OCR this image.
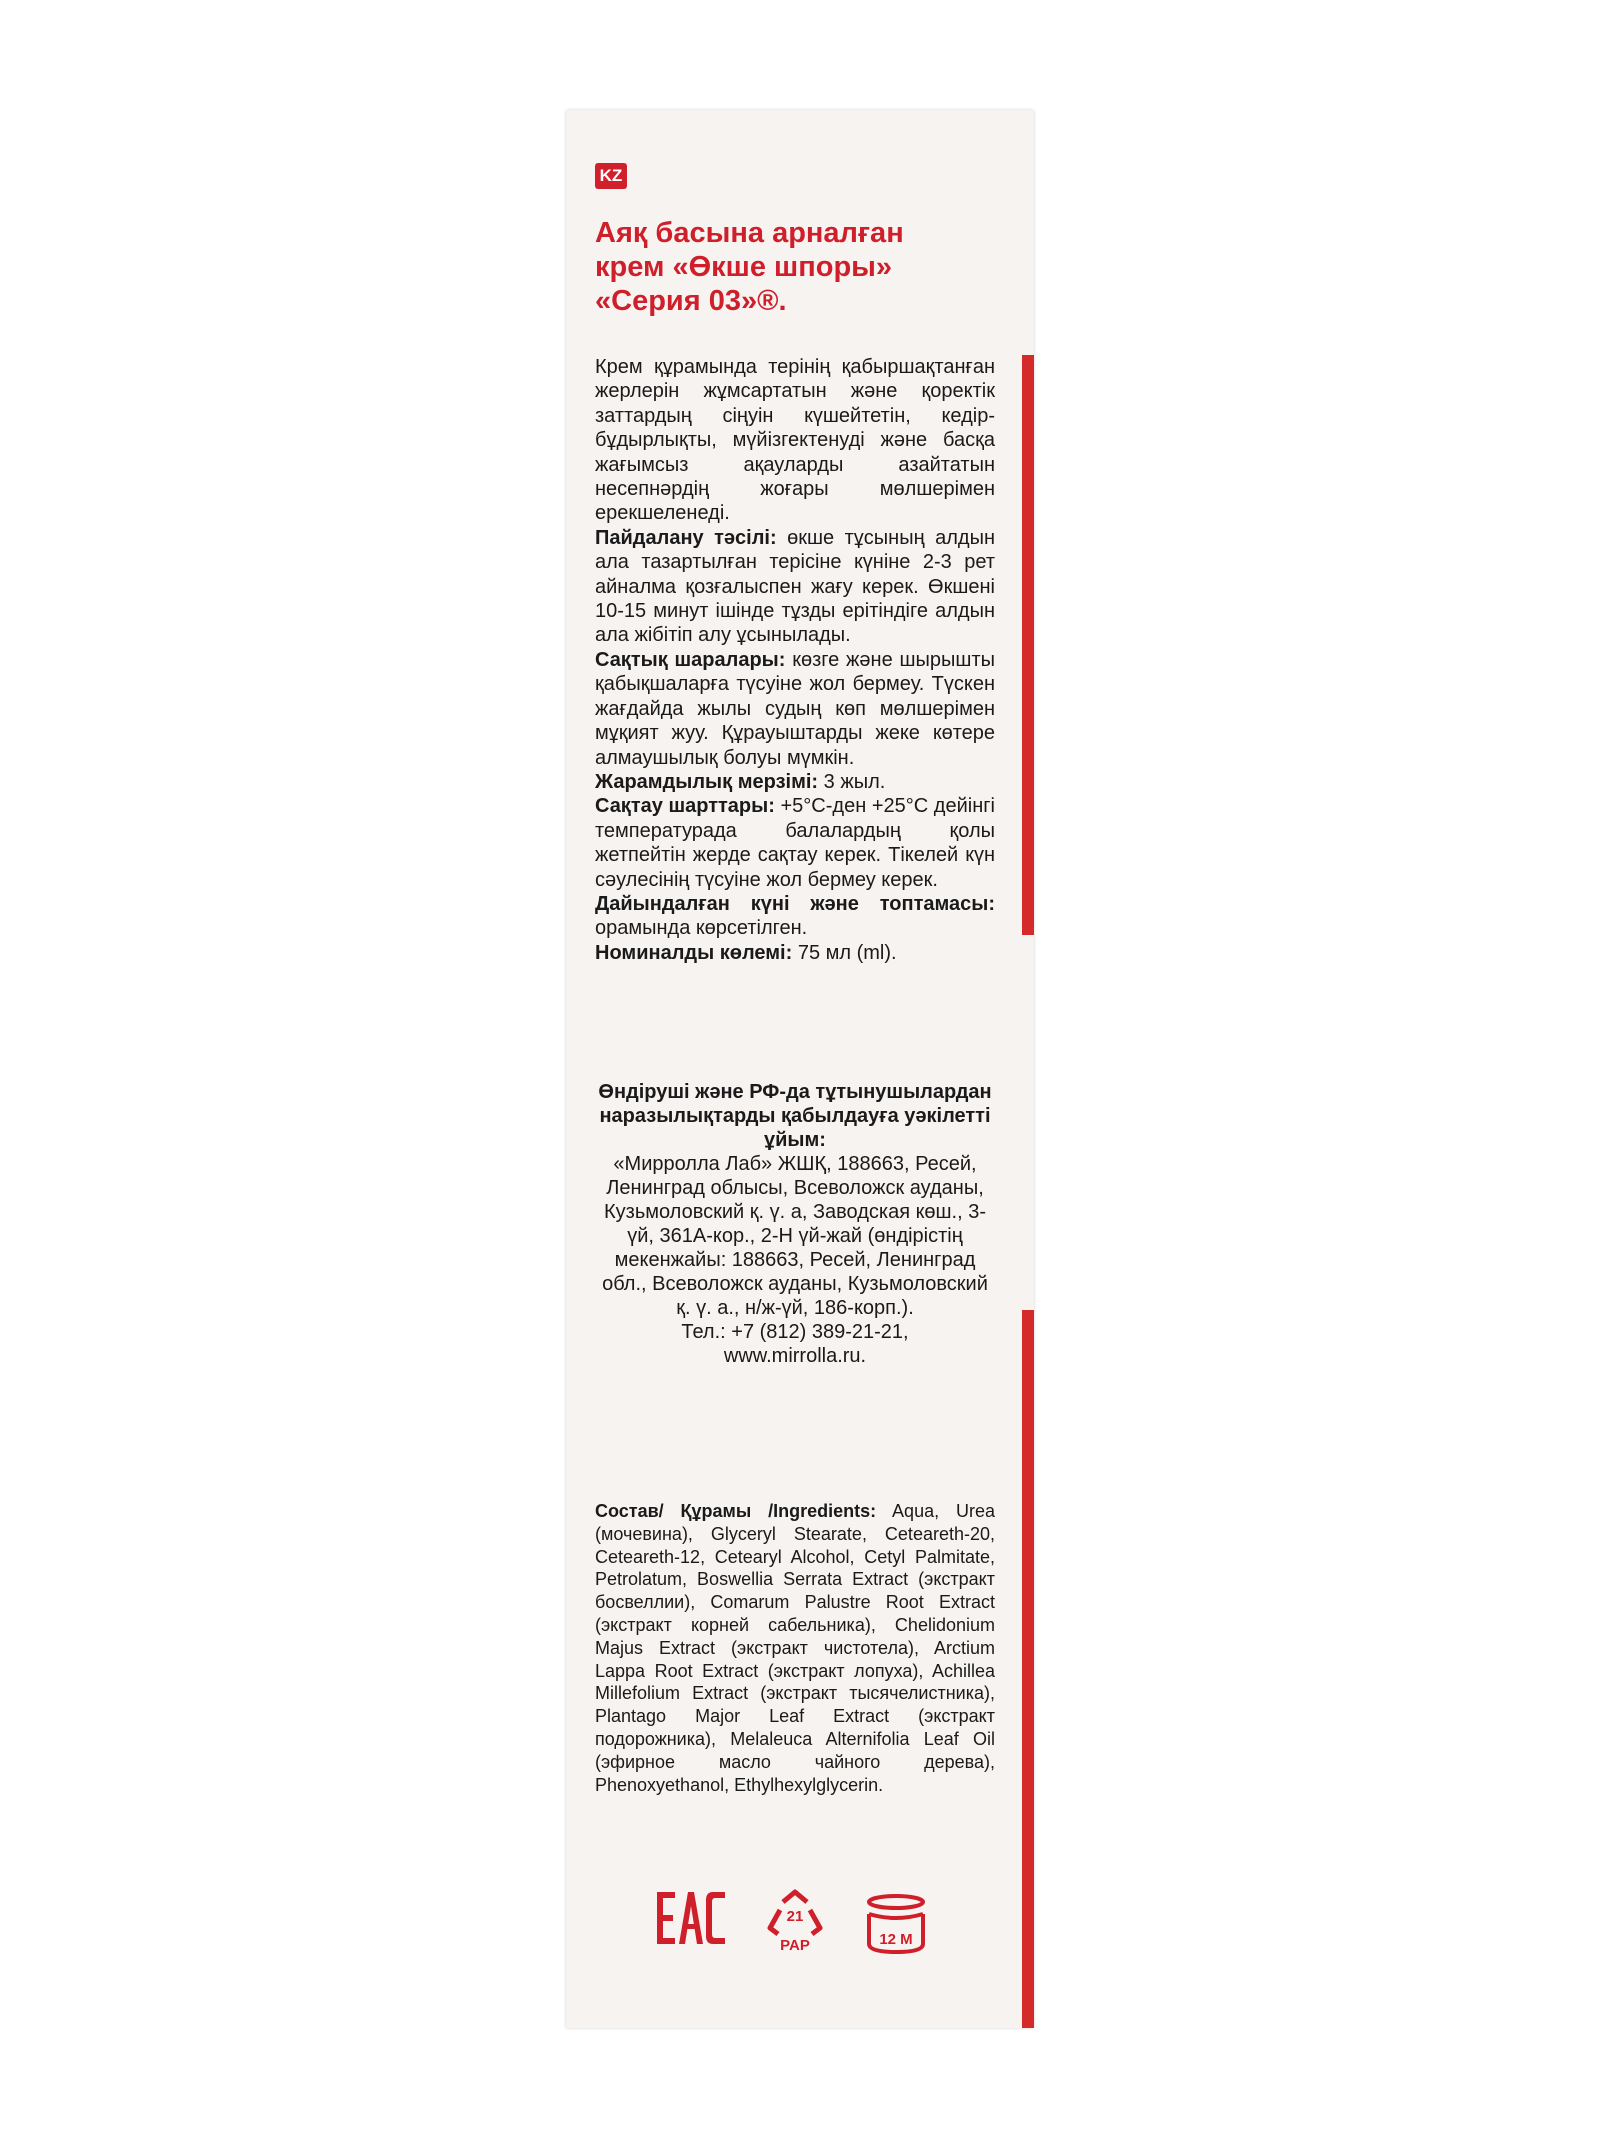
KZ
Аяқ басына арналған
крем «Өкше шпоры»
«Серия 03»®.

Крем құрамында терінің қабыршақтанған жерлерін жұмсартатын және қоректік заттардың сіңуін күшейтетін, кедір-бұдырлықты, мүйізгектенуді және басқа жағымсыз ақауларды азайтатын несепнәрдің жоғары мөлшерімен ерекшеленеді.

Пайдалану тәсілі: өкше тұсының алдын ала тазартылған терісіне күніне 2-3 рет айналма қозғалыспен жағу керек. Өкшені 10-15 минут ішінде тұзды ерітіндіге алдын ала жібітіп алу ұсынылады.

Сақтық шаралары: көзге және шырышты қабықшаларға түсуіне жол бермеу. Түскен жағдайда жылы судың көп мөлшерімен мұқият жуу. Құрауыштарды жеке көтере алмаушылық болуы мүмкін.

Жарамдылық мерзімі: 3 жыл.

Сақтау шарттары: +5°С-ден +25°С дейінгі температурада балалардың қолы жетпейтін жерде сақтау керек. Тікелей күн сәулесінің түсуіне жол бермеу керек.

Дайындалған күні және топтамасы: орамында көрсетілген.

Номиналды көлемі: 75 мл (ml).

Өндіруші және РФ-да тұтынушылардан наразылықтарды қабылдауға уәкілетті ұйым:

«Мирролла Лаб» ЖШҚ, 188663, Ресей, Ленинград облысы, Всеволожск ауданы, Кузьмоловский қ. ү. а, Заводская көш., 3-үй, 361А-кор., 2-Н үй-жай (өндірістің мекенжайы: 188663, Ресей, Ленинград обл., Всеволожск ауданы, Кузьмоловский қ. ү. а., н/ж-үй, 186-корп.).

Тел.: +7 (812) 389-21-21,

www.mirrolla.ru.

Состав/ Құрамы /Ingredients: Aqua, Urea (мочевина), Glyceryl Stearate, Ceteareth-20, Ceteareth-12, Cetearyl Alcohol, Cetyl Palmitate, Petrolatum, Boswellia Serrata Extract (экстракт босвеллии), Comarum Palustre Root Extract (экстракт корней сабельника), Chelidonium Majus Extract (экстракт чистотела), Arctium Lappa Root Extract (экстракт лопуха), Achillea Millefolium Extract (экстракт тысячелистника), Plantago Major Leaf Extract (экстракт подорожника), Melaleuca Alternifolia Leaf Oil (эфирное масло чайного дерева), Phenoxyethanol, Ethylhexylglycerin.
21
PAP	12 M
